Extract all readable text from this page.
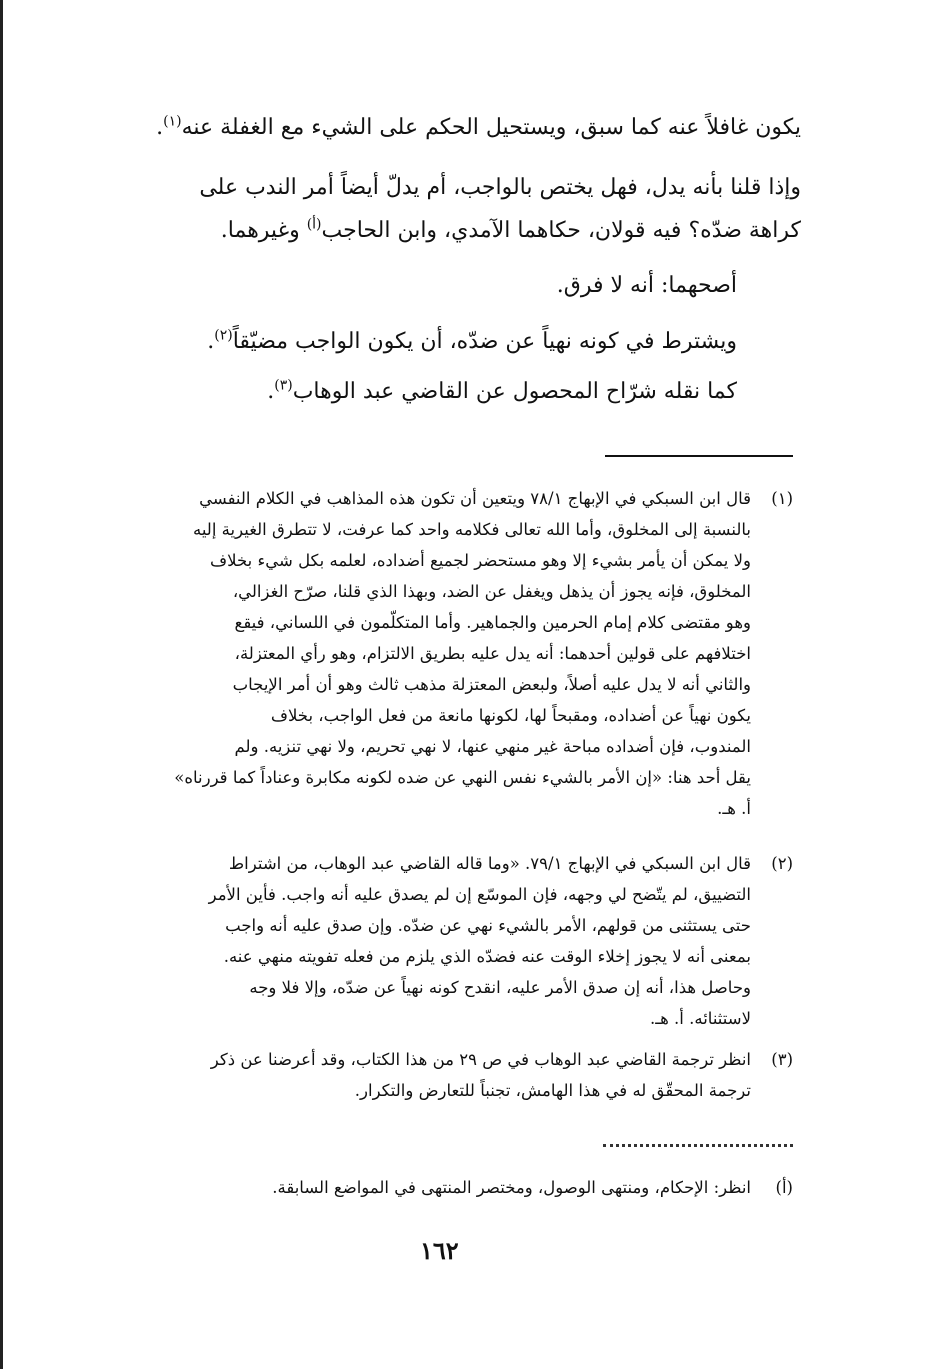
يكون غافلاً عنه كما سبق، ويستحيل الحكم على الشيء مع الغفلة عنه$^{(١)}$.
وإذا قلنا بأنه يدل، فهل يختص بالواجب، أم يدلّ أيضاً أمر الندب على
كراهة ضدّه؟ فيه قولان، حكاهما الآمدي، وابن الحاجب$^{(أ)}$ وغيرهما.
أصحهما: أنه لا فرق.
ويشترط في كونه نهياً عن ضدّه، أن يكون الواجب مضيّقاً$^{(٢)}$.
كما نقله شرّاح المحصول عن القاضي عبد الوهاب$^{(٣)}$.
(١)
قال ابن السبكي في الإبهاج ٧٨/١ ويتعين أن تكون هذه المذاهب في الكلام النفسي
بالنسبة إلى المخلوق، وأما الله تعالى فكلامه واحد كما عرفت، لا تتطرق الغيرية إليه
ولا يمكن أن يأمر بشيء إلا وهو مستحضر لجميع أضداده، لعلمه بكل شيء بخلاف
المخلوق، فإنه يجوز أن يذهل ويغفل عن الضد، وبهذا الذي قلنا، صرّح الغزالي،
وهو مقتضى كلام إمام الحرمين والجماهير. وأما المتكلّمون في اللساني، فيقع
اختلافهم على قولين أحدهما: أنه يدل عليه بطريق الالتزام، وهو رأي المعتزلة،
والثاني أنه لا يدل عليه أصلاً، ولبعض المعتزلة مذهب ثالث وهو أن أمر الإيجاب
يكون نهياً عن أضداده، ومقبحاً لها، لكونها مانعة من فعل الواجب، بخلاف
المندوب، فإن أضداده مباحة غير منهي عنها، لا نهي تحريم، ولا نهي تنزيه. ولم
يقل أحد هنا: «إن الأمر بالشيء نفس النهي عن ضده لكونه مكابرة وعناداً كما قررناه»
أ. هـ.
(٢)
قال ابن السبكي في الإبهاج ٧٩/١. «وما قاله القاضي عبد الوهاب، من اشتراط
التضييق، لم يتّضح لي وجهه، فإن الموسّع إن لم يصدق عليه أنه واجب. فأين الأمر
حتى يستثنى من قولهم، الأمر بالشيء نهي عن ضدّه. وإن صدق عليه أنه واجب
بمعنى أنه لا يجوز إخلاء الوقت عنه فضدّه الذي يلزم من فعله تفويته منهي عنه.
وحاصل هذا، أنه إن صدق الأمر عليه، انقدح كونه نهياً عن ضدّه، وإلا فلا وجه
لاستثنائه. أ. هـ.
(٣)
انظر ترجمة القاضي عبد الوهاب في ص ٢٩ من هذا الكتاب، وقد أعرضنا عن ذكر
ترجمة المحقّق له في هذا الهامش، تجنباً للتعارض والتكرار.
(أ)
انظر: الإحكام، ومنتهى الوصول، ومختصر المنتهى في المواضع السابقة.
١٦٢
